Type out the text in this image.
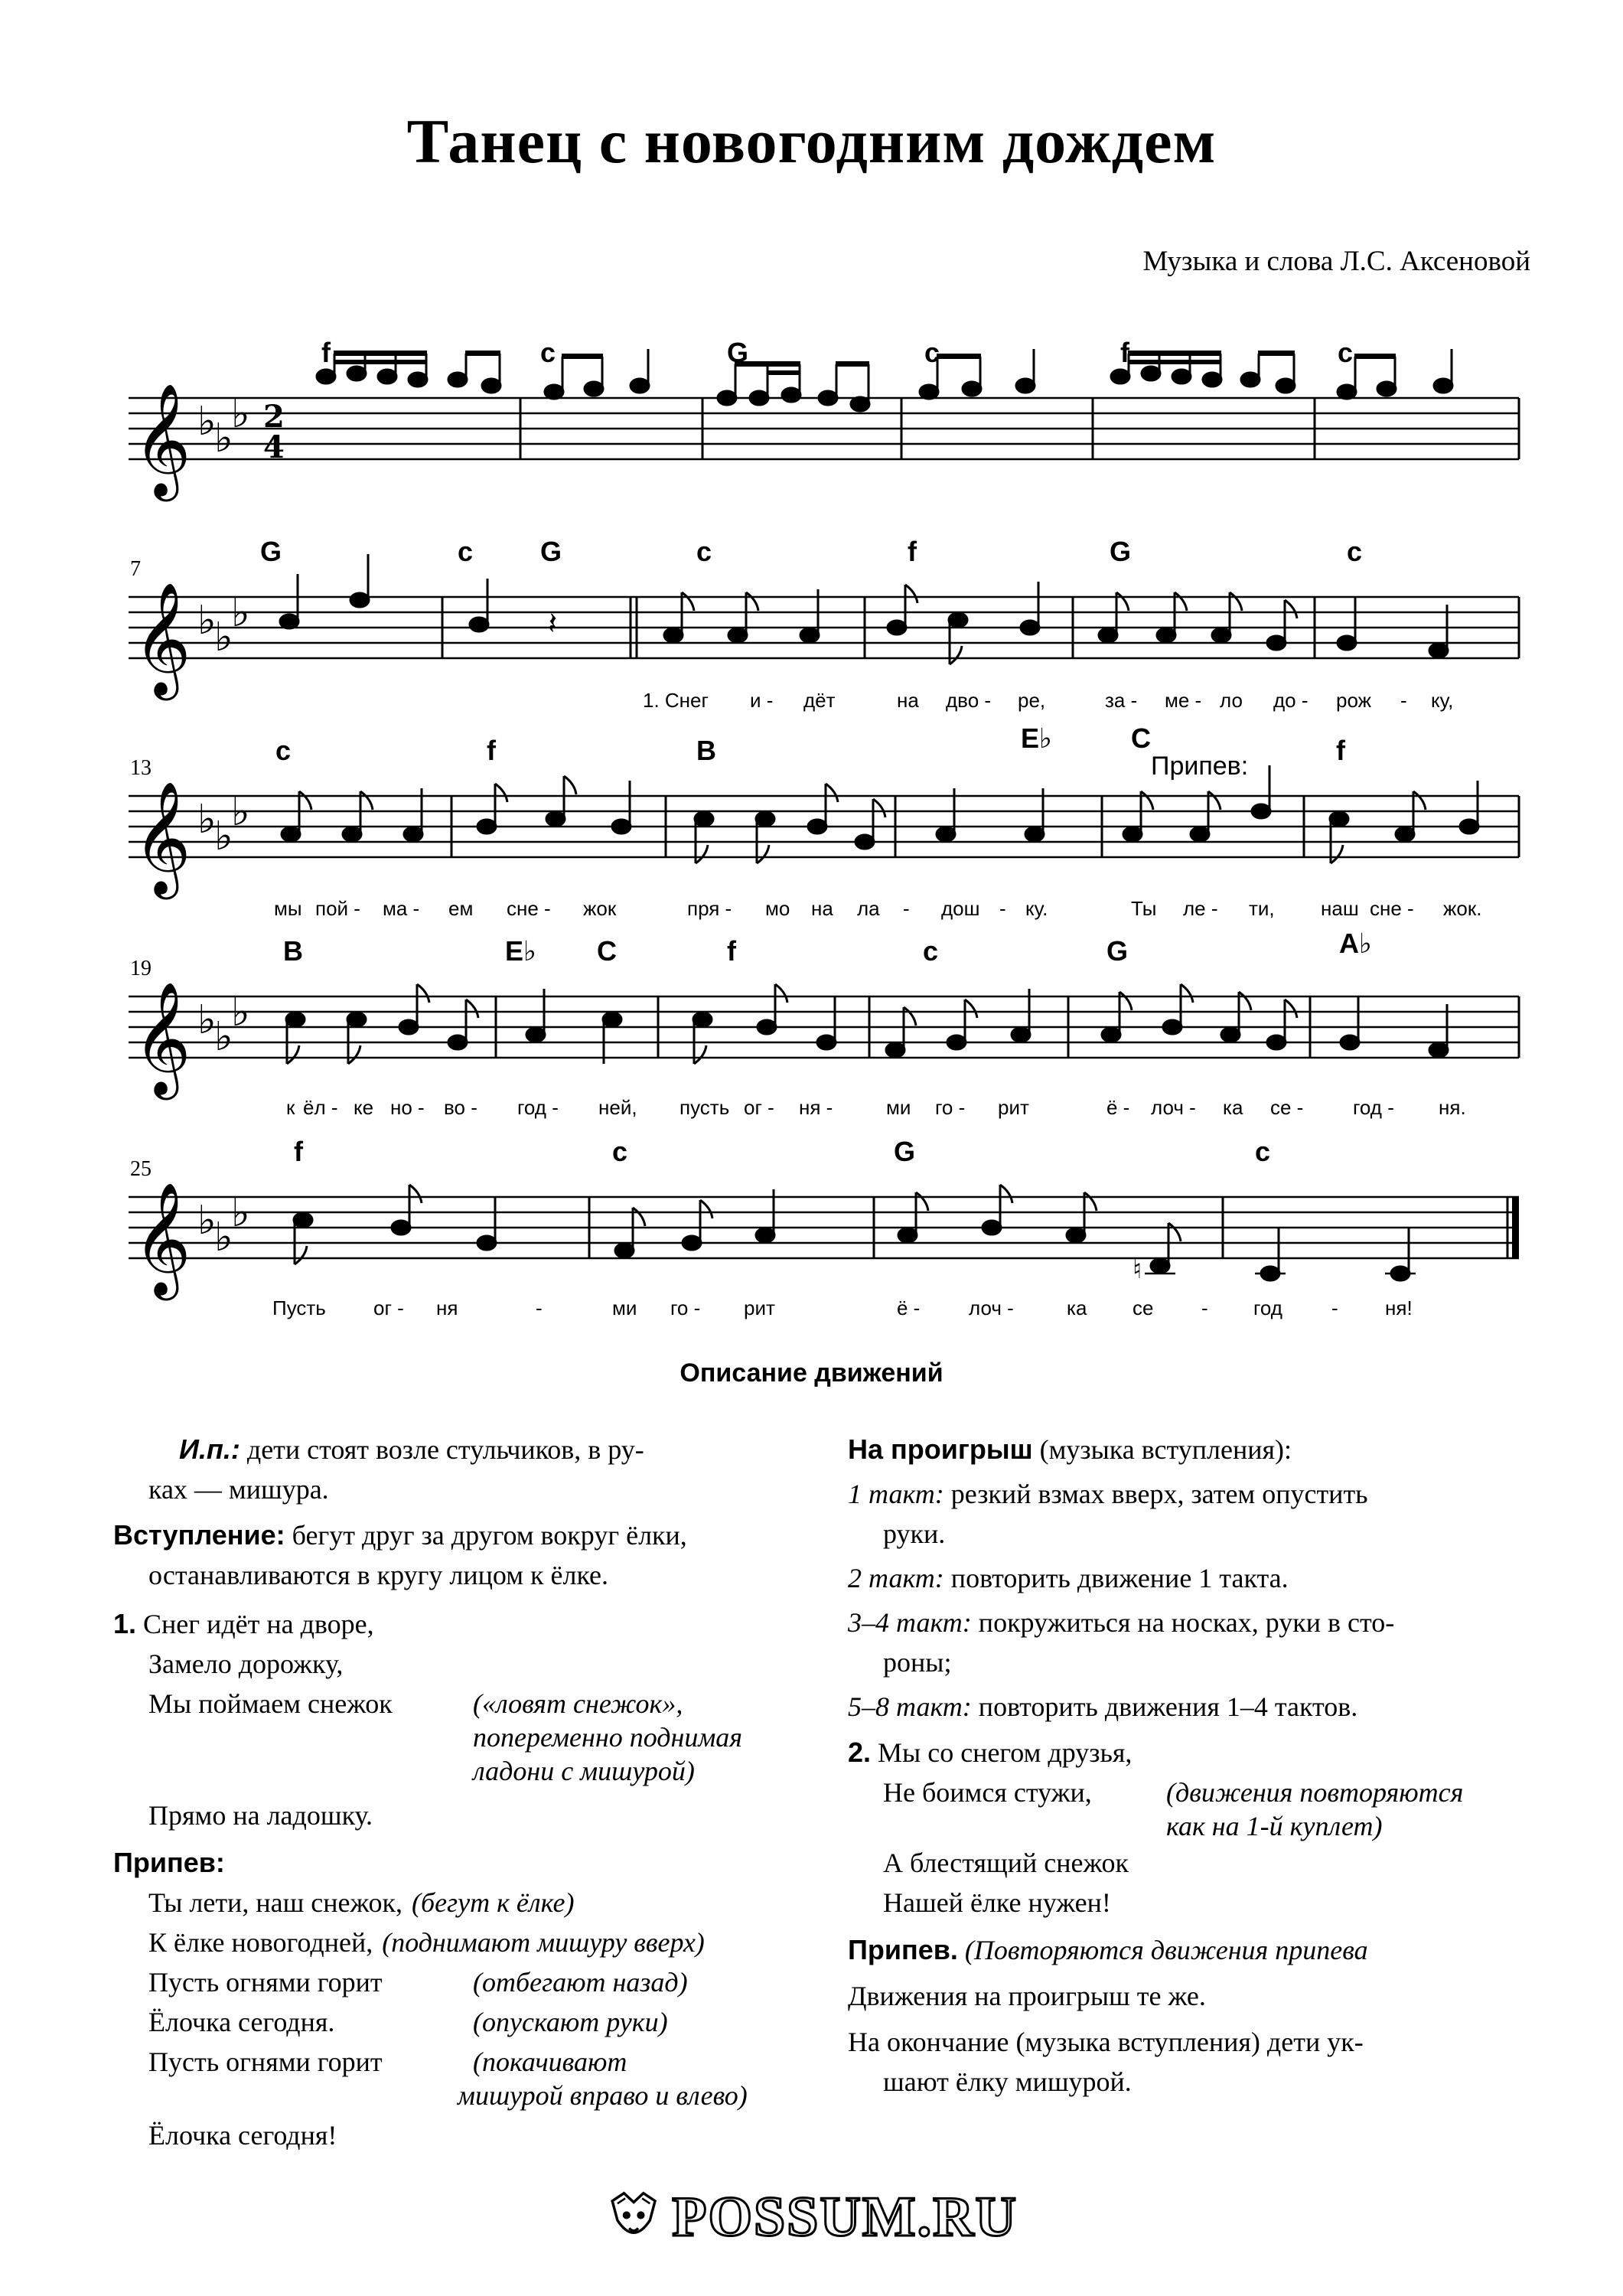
Танец с новогодним дождем
Музыка и слова Л.С. Аксеновой
𝄞 ♭
♭
♭ 2
4
f	c	G	c	f	c
7
𝄞 ♭
♭
♭	𝄽
G	c G	c	f	G	c
1. Снег и - дёт	на дво - ре,	за - ме - ло до - рож - ку,
13	Припев:
𝄞 ♭
♭
♭
c	f	B	E♭	C	f
мы пой - ма - ем сне - жок	пря - мо на ла - дош - ку.	Ты ле - ти, наш сне - жок.
19
𝄞 ♭
♭
♭
B	E♭ C	f	c	G	A♭
к ёл - ке но - во - год - ней, пусть ог - ня -	ми го - рит	ё - лоч - ка се - год - ня.
25
𝄞 ♭
♭
♭
♮
f	c	G	c
Пусть ог - ня	-	ми го - рит	ё - лоч -	ка се - год - ня!
Описание движений

И.п.: дети стоят возле стульчиков, в ру-

ках — мишура.

Вступление: бегут друг за другом вокруг ёлки,

останавливаются в кругу лицом к ёлке.

1. Снег идёт на дворе,

Замело дорожку,

Мы поймаем снежок	(«ловят снежок»,
попеременно поднимая
ладони с мишурой)

Прямо на ладошку.

Припев:

Ты лети, наш снежок, (бегут к ёлке)
К ёлке новогодней, (поднимают мишуру вверх)
Пусть огнями горит	(отбегают назад)
Ёлочка сегодня.	(опускают руки)
Пусть огнями горит	(покачивают
мишурой вправо и влево)

Ёлочка сегодня!

На проигрыш (музыка вступления):

1 такт: резкий взмах вверх, затем опустить

руки.

2 такт: повторить движение 1 такта.

3–4 такт: покружиться на носках, руки в сто-

роны;

5–8 такт: повторить движения 1–4 тактов.

2. Мы со снегом друзья,

Не боимся стужи,	(движения повторяются
как на 1-й куплет)

А блестящий снежок

Нашей ёлке нужен!

Припев. (Повторяются движения припева

Движения на проигрыш те же.

На окончание (музыка вступления) дети ук-

шают ёлку мишурой.

POSSUM.RU
